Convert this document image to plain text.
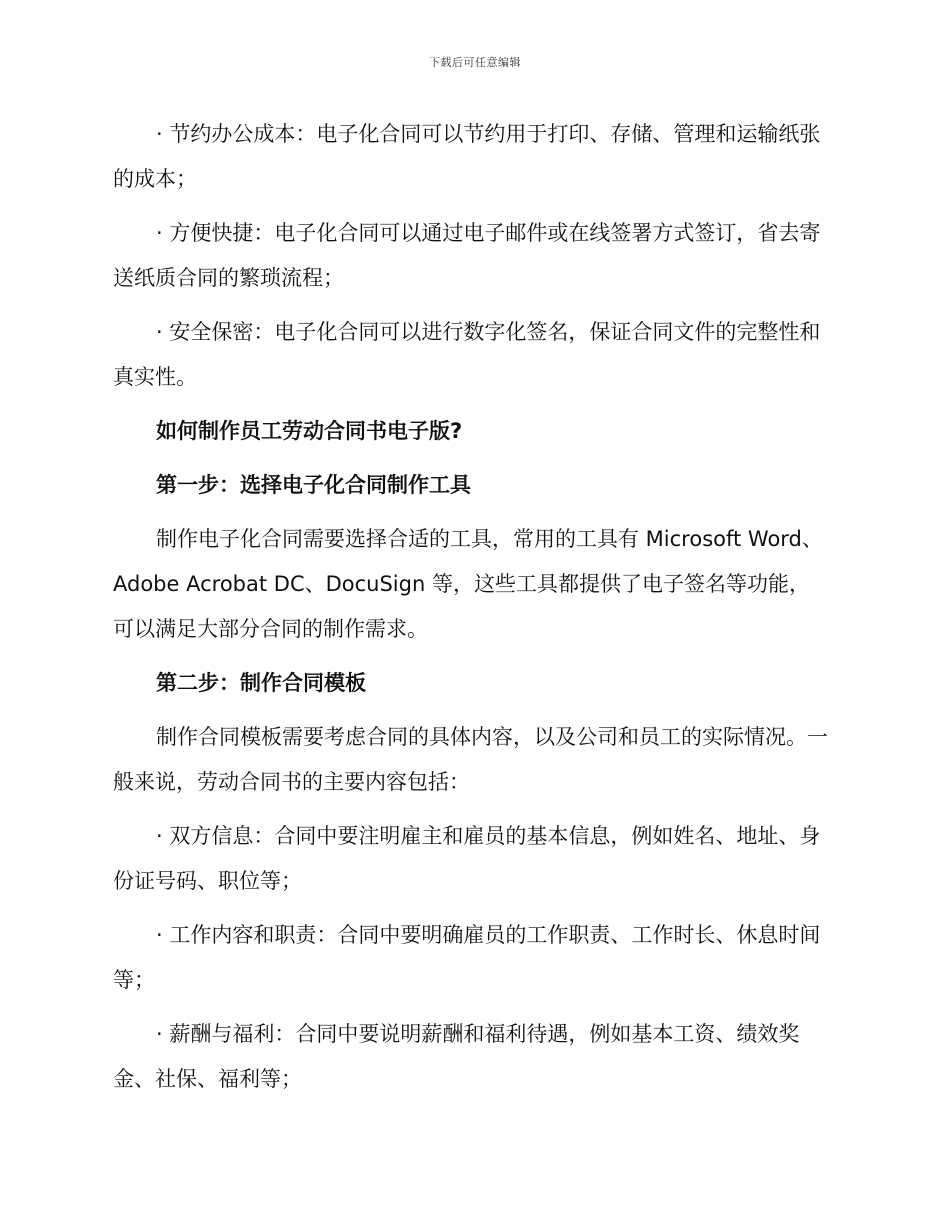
下载后可任意编辑

· 节约办公成本：电子化合同可以节约用于打印、存储、管理和运输纸张的成本；

· 方便快捷：电子化合同可以通过电子邮件或在线签署方式签订，省去寄送纸质合同的繁琐流程；

· 安全保密：电子化合同可以进行数字化签名，保证合同文件的完整性和真实性。

如何制作员工劳动合同书电子版?

第一步：选择电子化合同制作工具

制作电子化合同需要选择合适的工具，常用的工具有 Microsoft Word、Adobe Acrobat DC、DocuSign 等，这些工具都提供了电子签名等功能，可以满足大部分合同的制作需求。

第二步：制作合同模板

制作合同模板需要考虑合同的具体内容，以及公司和员工的实际情况。一般来说，劳动合同书的主要内容包括：

· 双方信息：合同中要注明雇主和雇员的基本信息，例如姓名、地址、身份证号码、职位等；

· 工作内容和职责：合同中要明确雇员的工作职责、工作时长、休息时间等；

· 薪酬与福利：合同中要说明薪酬和福利待遇，例如基本工资、绩效奖金、社保、福利等；
